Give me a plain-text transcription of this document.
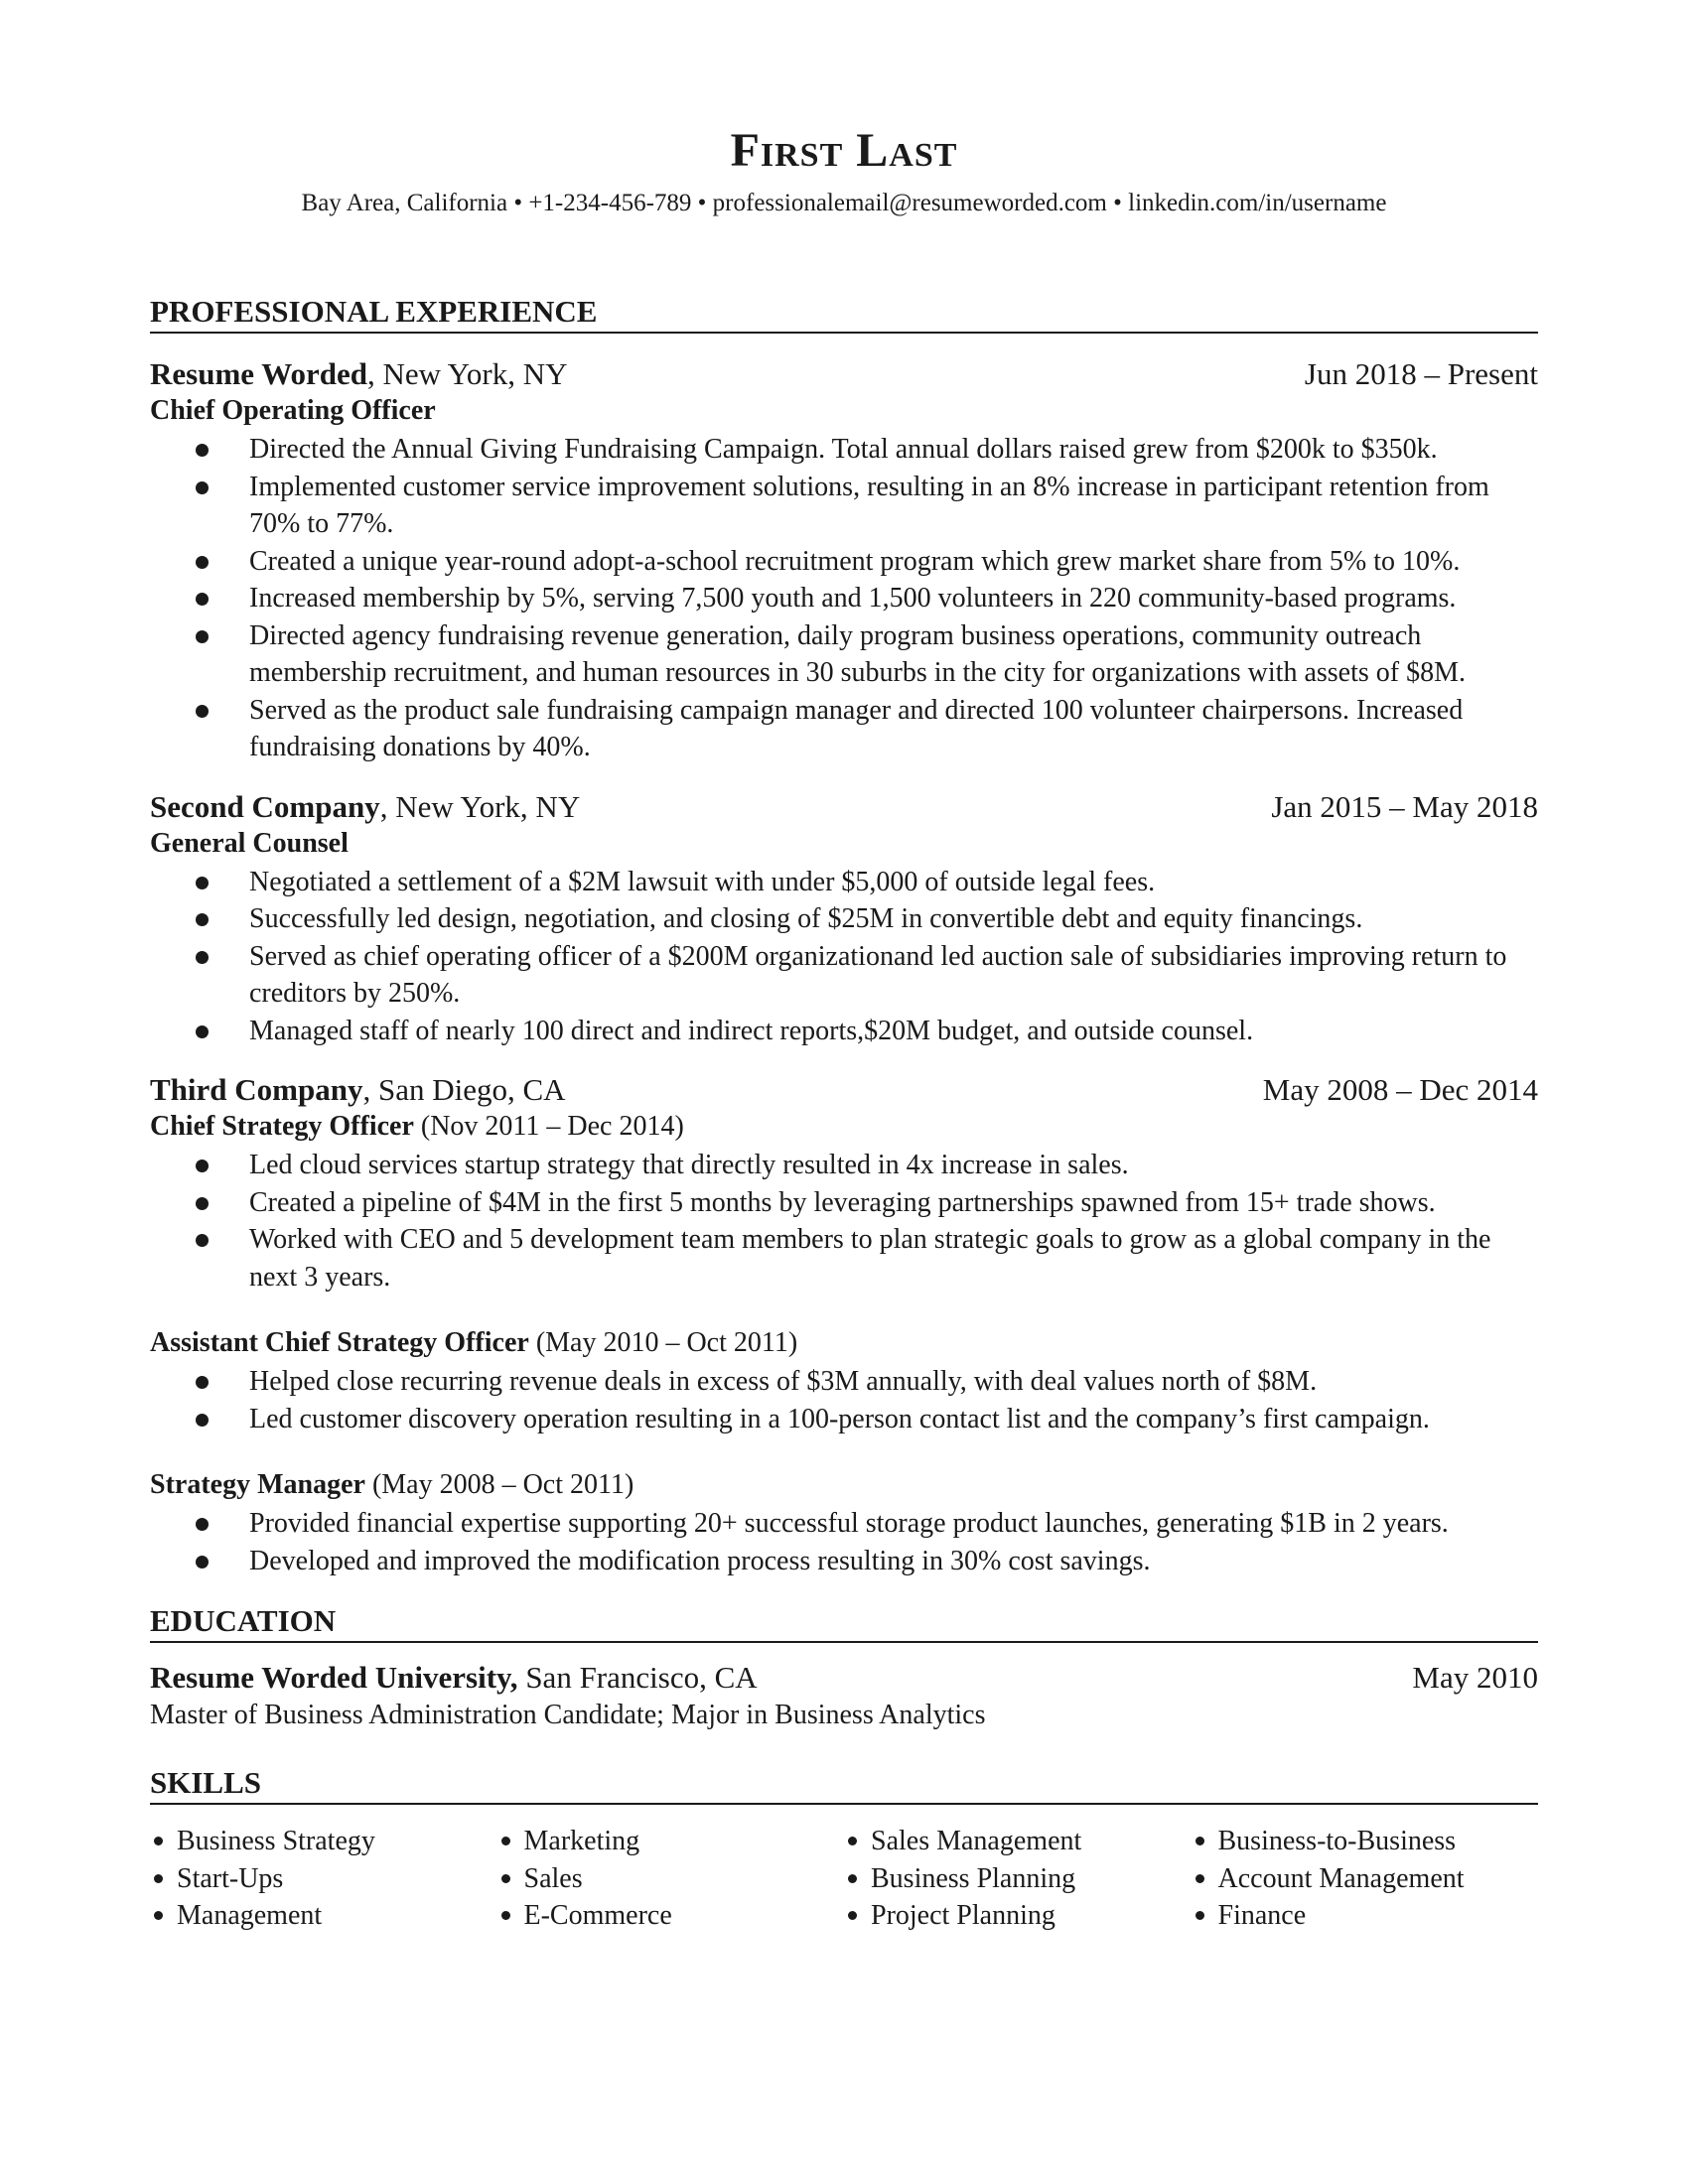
First Last
Bay Area, California • +1-234-456-789 • professionalemail@resumeworded.com • linkedin.com/in/username
PROFESSIONAL EXPERIENCE
Resume Worded, New York, NY	Jun 2018 – Present
Chief Operating Officer
Directed the Annual Giving Fundraising Campaign. Total annual dollars raised grew from $200k to $350k.
Implemented customer service improvement solutions, resulting in an 8% increase in participant retention from 70% to 77%.
Created a unique year-round adopt-a-school recruitment program which grew market share from 5% to 10%.
Increased membership by 5%, serving 7,500 youth and 1,500 volunteers in 220 community-based programs.
Directed agency fundraising revenue generation, daily program business operations, community outreach membership recruitment, and human resources in 30 suburbs in the city for organizations with assets of $8M.
Served as the product sale fundraising campaign manager and directed 100 volunteer chairpersons. Increased fundraising donations by 40%.
Second Company, New York, NY	Jan 2015 – May 2018
General Counsel
Negotiated a settlement of a $2M lawsuit with under $5,000 of outside legal fees.
Successfully led design, negotiation, and closing of $25M in convertible debt and equity financings.
Served as chief operating officer of a $200M organizationand led auction sale of subsidiaries improving return to creditors by 250%.
Managed staff of nearly 100 direct and indirect reports,$20M budget, and outside counsel.
Third Company, San Diego, CA	May 2008 – Dec 2014
Chief Strategy Officer (Nov 2011 – Dec 2014)
Led cloud services startup strategy that directly resulted in 4x increase in sales.
Created a pipeline of $4M in the first 5 months by leveraging partnerships spawned from 15+ trade shows.
Worked with CEO and 5 development team members to plan strategic goals to grow as a global company in the next 3 years.
Assistant Chief Strategy Officer (May 2010 – Oct 2011)
Helped close recurring revenue deals in excess of $3M annually, with deal values north of $8M.
Led customer discovery operation resulting in a 100-person contact list and the company’s first campaign.
Strategy Manager (May 2008 – Oct 2011)
Provided financial expertise supporting 20+ successful storage product launches, generating $1B in 2 years.
Developed and improved the modification process resulting in 30% cost savings.
EDUCATION
Resume Worded University, San Francisco, CA	May 2010
Master of Business Administration Candidate; Major in Business Analytics
SKILLS
Business Strategy	Marketing	Sales Management	Business-to-Business
Start-Ups	Sales	Business Planning	Account Management
Management	E-Commerce	Project Planning	Finance
